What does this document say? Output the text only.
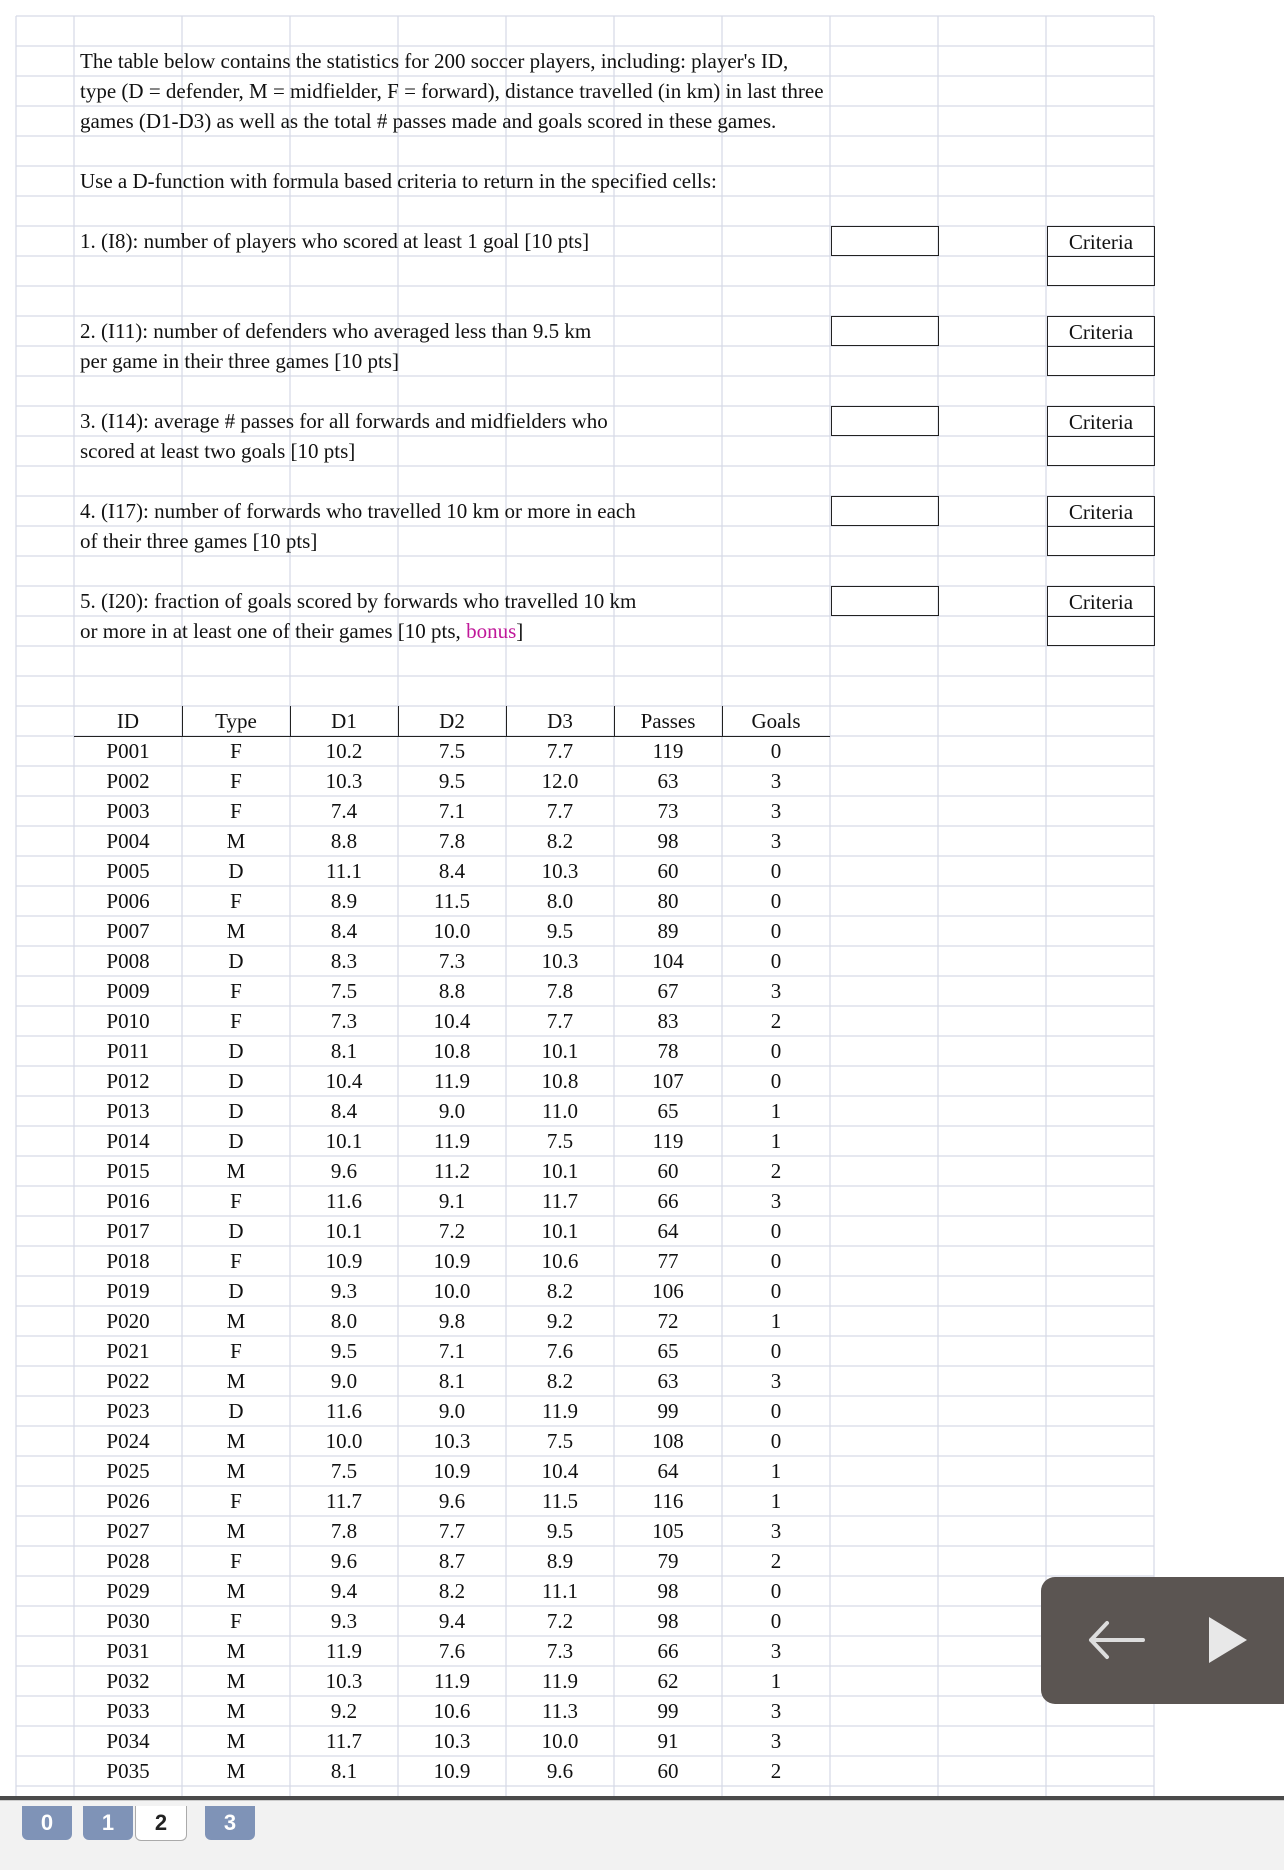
The table below contains the statistics for 200 soccer players, including: player's ID,
type (D = defender, M = midfielder, F = forward), distance travelled (in km) in last three
games (D1-D3) as well as the total # passes made and goals scored in these games.
Use a D-function with formula based criteria to return in the specified cells:
1. (I8): number of players who scored at least 1 goal [10 pts]
2. (I11): number of defenders who averaged less than 9.5 km
per game in their three games [10 pts]
3. (I14): average # passes for all forwards and midfielders who
scored at least two goals [10 pts]
4. (I17): number of forwards who travelled 10 km or more in each
of their three games [10 pts]
5. (I20): fraction of goals scored by forwards who travelled 10 km
or more in at least one of their games [10 pts, bonus]
Criteria
Criteria
Criteria
Criteria
Criteria
ID	Type	D1	D2	D3	Passes	Goals
P001	F	10.2	7.5	7.7	119	0
P002	F	10.3	9.5	12.0	63	3
P003	F	7.4	7.1	7.7	73	3
P004	M	8.8	7.8	8.2	98	3
P005	D	11.1	8.4	10.3	60	0
P006	F	8.9	11.5	8.0	80	0
P007	M	8.4	10.0	9.5	89	0
P008	D	8.3	7.3	10.3	104	0
P009	F	7.5	8.8	7.8	67	3
P010	F	7.3	10.4	7.7	83	2
P011	D	8.1	10.8	10.1	78	0
P012	D	10.4	11.9	10.8	107	0
P013	D	8.4	9.0	11.0	65	1
P014	D	10.1	11.9	7.5	119	1
P015	M	9.6	11.2	10.1	60	2
P016	F	11.6	9.1	11.7	66	3
P017	D	10.1	7.2	10.1	64	0
P018	F	10.9	10.9	10.6	77	0
P019	D	9.3	10.0	8.2	106	0
P020	M	8.0	9.8	9.2	72	1
P021	F	9.5	7.1	7.6	65	0
P022	M	9.0	8.1	8.2	63	3
P023	D	11.6	9.0	11.9	99	0
P024	M	10.0	10.3	7.5	108	0
P025	M	7.5	10.9	10.4	64	1
P026	F	11.7	9.6	11.5	116	1
P027	M	7.8	7.7	9.5	105	3
P028	F	9.6	8.7	8.9	79	2
P029	M	9.4	8.2	11.1	98	0
P030	F	9.3	9.4	7.2	98	0
P031	M	11.9	7.6	7.3	66	3
P032	M	10.3	11.9	11.9	62	1
P033	M	9.2	10.6	11.3	99	3
P034	M	11.7	10.3	10.0	91	3
P035	M	8.1	10.9	9.6	60	2
0	1	2	3
